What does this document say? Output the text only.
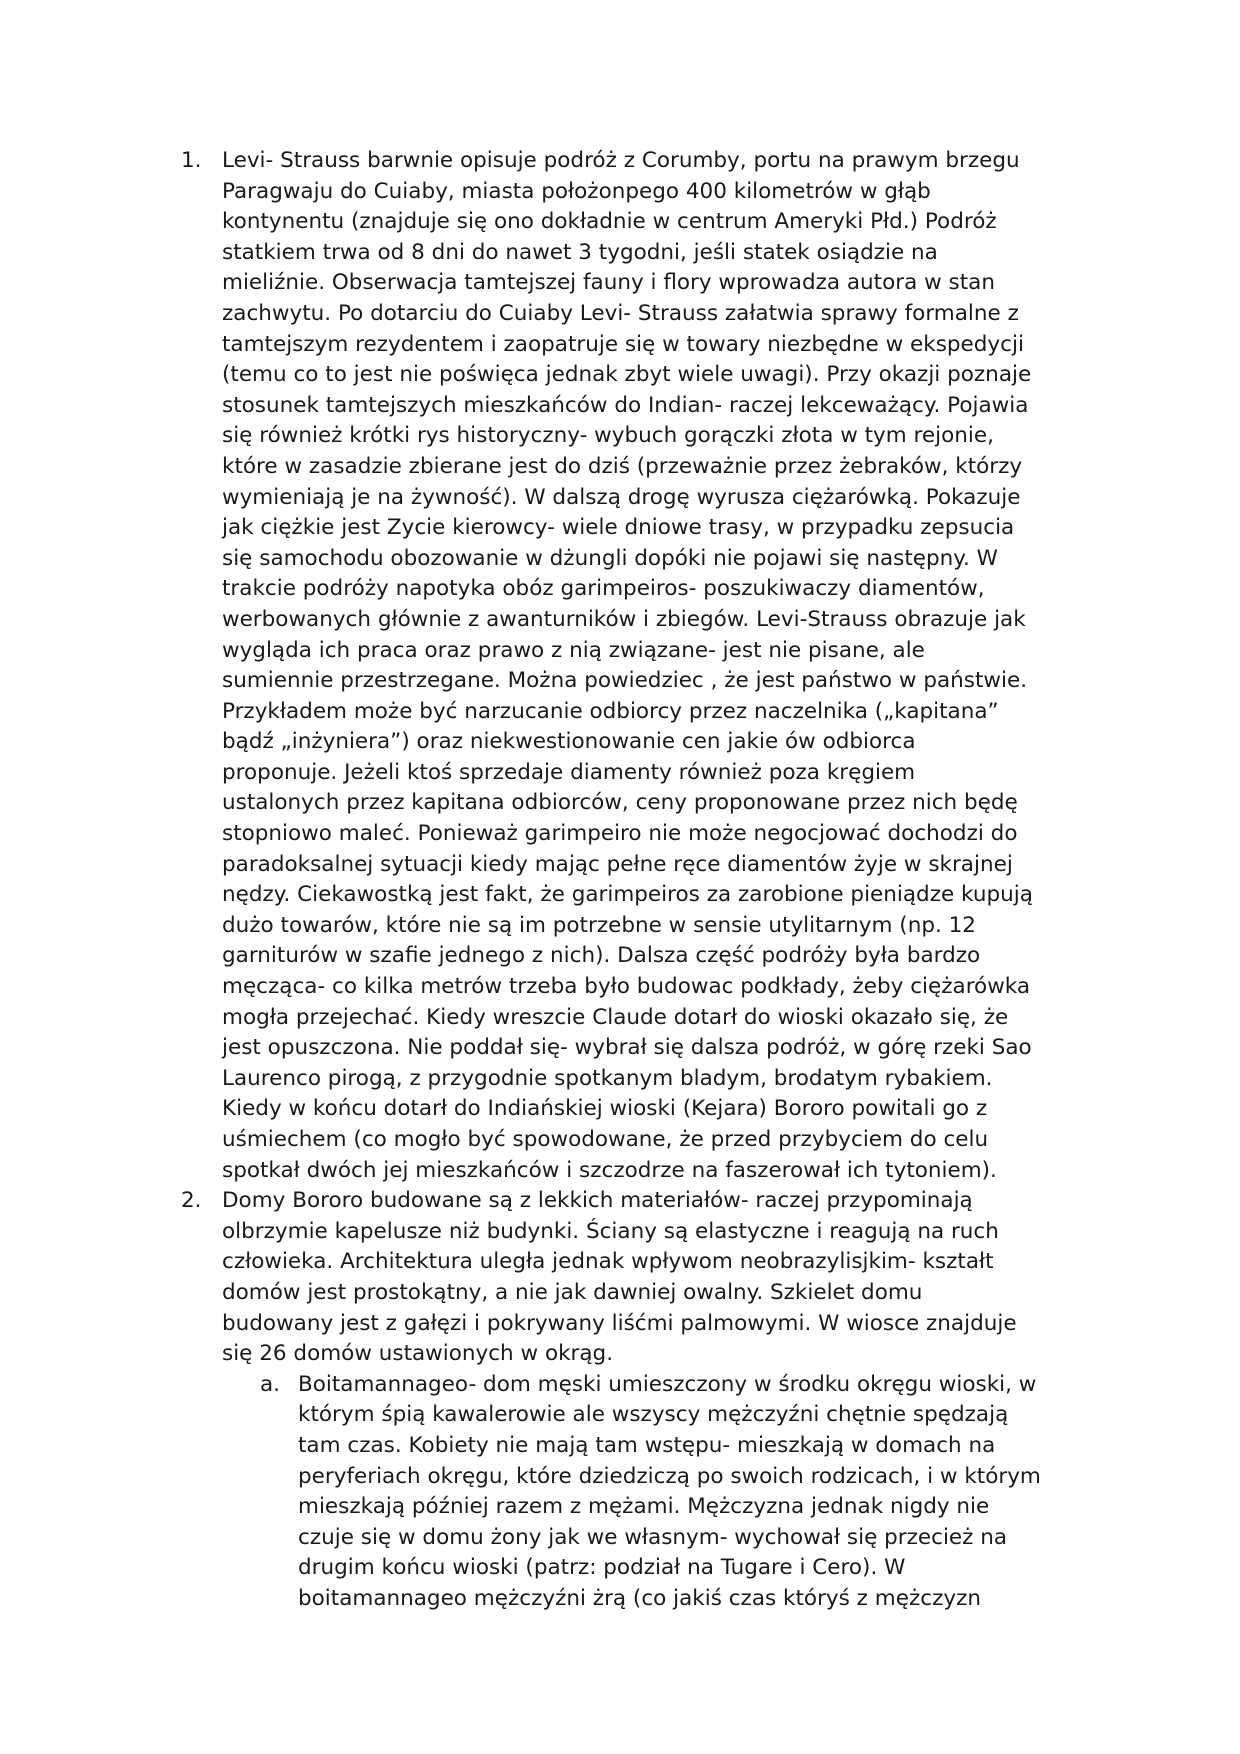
1. Levi- Strauss barwnie opisuje podróż z Corumby, portu na prawym brzegu
Paragwaju do Cuiaby, miasta położonpego 400 kilometrów w głąb
kontynentu (znajduje się ono dokładnie w centrum Ameryki Płd.) Podróż
statkiem trwa od 8 dni do nawet 3 tygodni, jeśli statek osiądzie na
mieliźnie. Obserwacja tamtejszej fauny i flory wprowadza autora w stan
zachwytu. Po dotarciu do Cuiaby Levi- Strauss załatwia sprawy formalne z
tamtejszym rezydentem i zaopatruje się w towary niezbędne w ekspedycji
(temu co to jest nie poświęca jednak zbyt wiele uwagi). Przy okazji poznaje
stosunek tamtejszych mieszkańców do Indian- raczej lekceważący. Pojawia
się również krótki rys historyczny- wybuch gorączki złota w tym rejonie,
które w zasadzie zbierane jest do dziś (przeważnie przez żebraków, którzy
wymieniają je na żywność). W dalszą drogę wyrusza ciężarówką. Pokazuje
jak ciężkie jest Zycie kierowcy- wiele dniowe trasy, w przypadku zepsucia
się samochodu obozowanie w dżungli dopóki nie pojawi się następny. W
trakcie podróży napotyka obóz garimpeiros- poszukiwaczy diamentów,
werbowanych głównie z awanturników i zbiegów. Levi-Strauss obrazuje jak
wygląda ich praca oraz prawo z nią związane- jest nie pisane, ale
sumiennie przestrzegane. Można powiedziec , że jest państwo w państwie.
Przykładem może być narzucanie odbiorcy przez naczelnika („kapitana”
bądź „inżyniera”) oraz niekwestionowanie cen jakie ów odbiorca
proponuje. Jeżeli ktoś sprzedaje diamenty również poza kręgiem
ustalonych przez kapitana odbiorców, ceny proponowane przez nich będę
stopniowo maleć. Ponieważ garimpeiro nie może negocjować dochodzi do
paradoksalnej sytuacji kiedy mając pełne ręce diamentów żyje w skrajnej
nędzy. Ciekawostką jest fakt, że garimpeiros za zarobione pieniądze kupują
dużo towarów, które nie są im potrzebne w sensie utylitarnym (np. 12
garniturów w szafie jednego z nich). Dalsza część podróży była bardzo
męcząca- co kilka metrów trzeba było budowac podkłady, żeby ciężarówka
mogła przejechać. Kiedy wreszcie Claude dotarł do wioski okazało się, że
jest opuszczona. Nie poddał się- wybrał się dalsza podróż, w górę rzeki Sao
Laurenco pirogą, z przygodnie spotkanym bladym, brodatym rybakiem.
Kiedy w końcu dotarł do Indiańskiej wioski (Kejara) Bororo powitali go z
uśmiechem (co mogło być spowodowane, że przed przybyciem do celu
spotkał dwóch jej mieszkańców i szczodrze na faszerował ich tytoniem).
2. Domy Bororo budowane są z lekkich materiałów- raczej przypominają
olbrzymie kapelusze niż budynki. Ściany są elastyczne i reagują na ruch
człowieka. Architektura uległa jednak wpływom neobrazylisjkim- kształt
domów jest prostokątny, a nie jak dawniej owalny. Szkielet domu
budowany jest z gałęzi i pokrywany liśćmi palmowymi. W wiosce znajduje
się 26 domów ustawionych w okrąg.
a. Boitamannageo- dom męski umieszczony w środku okręgu wioski, w
którym śpią kawalerowie ale wszyscy mężczyźni chętnie spędzają
tam czas. Kobiety nie mają tam wstępu- mieszkają w domach na
peryferiach okręgu, które dziedziczą po swoich rodzicach, i w którym
mieszkają później razem z mężami. Mężczyzna jednak nigdy nie
czuje się w domu żony jak we własnym- wychował się przecież na
drugim końcu wioski (patrz: podział na Tugare i Cero). W
boitamannageo mężczyźni żrą (co jakiś czas któryś z mężczyzn
